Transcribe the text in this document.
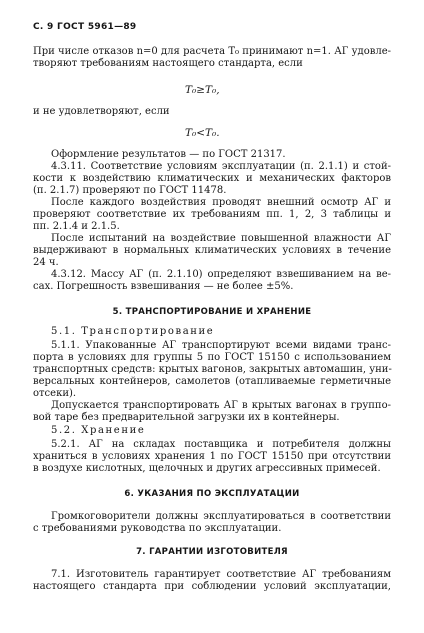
С. 9 ГОСТ 5961—89
При числе отказов n=0 для расчета T₀ принимают n=1. АГ удовле-
творяют требованиям настоящего стандарта, если
T₀≥T₀,
и не удовлетворяют, если
T₀<T₀.
Оформление результатов — по ГОСТ 21317.
4.3.11. Соответствие условиям эксплуатации (п. 2.1.1) и стой-
кости к воздействию климатических и механических факторов
(п. 2.1.7) проверяют по ГОСТ 11478.
После каждого воздействия проводят внешний осмотр АГ и
проверяют соответствие их требованиям пп. 1, 2, 3 таблицы и
пп. 2.1.4 и 2.1.5.
После испытаний на воздействие повышенной влажности АГ
выдерживают в нормальных климатических условиях в течение
24 ч.
4.3.12. Массу АГ (п. 2.1.10) определяют взвешиванием на ве-
сах. Погрешность взвешивания — не более ±5%.
5. ТРАНСПОРТИРОВАНИЕ И ХРАНЕНИЕ
5.1. Транспортирование
5.1.1. Упакованные АГ транспортируют всеми видами транс-
порта в условиях для группы 5 по ГОСТ 15150 с использованием
транспортных средств: крытых вагонов, закрытых автомашин, уни-
версальных контейнеров, самолетов (отапливаемые герметичные
отсеки).
Допускается транспортировать АГ в крытых вагонах в группо-
вой таре без предварительной загрузки их в контейнеры.
5.2. Хранение
5.2.1. АГ на складах поставщика и потребителя должны
храниться в условиях хранения 1 по ГОСТ 15150 при отсутствии
в воздухе кислотных, щелочных и других агрессивных примесей.
6. УКАЗАНИЯ ПО ЭКСПЛУАТАЦИИ
Громкоговорители должны эксплуатироваться в соответствии
с требованиями руководства по эксплуатации.
7. ГАРАНТИИ ИЗГОТОВИТЕЛЯ
7.1. Изготовитель гарантирует соответствие АГ требованиям
настоящего стандарта при соблюдении условий эксплуатации,
